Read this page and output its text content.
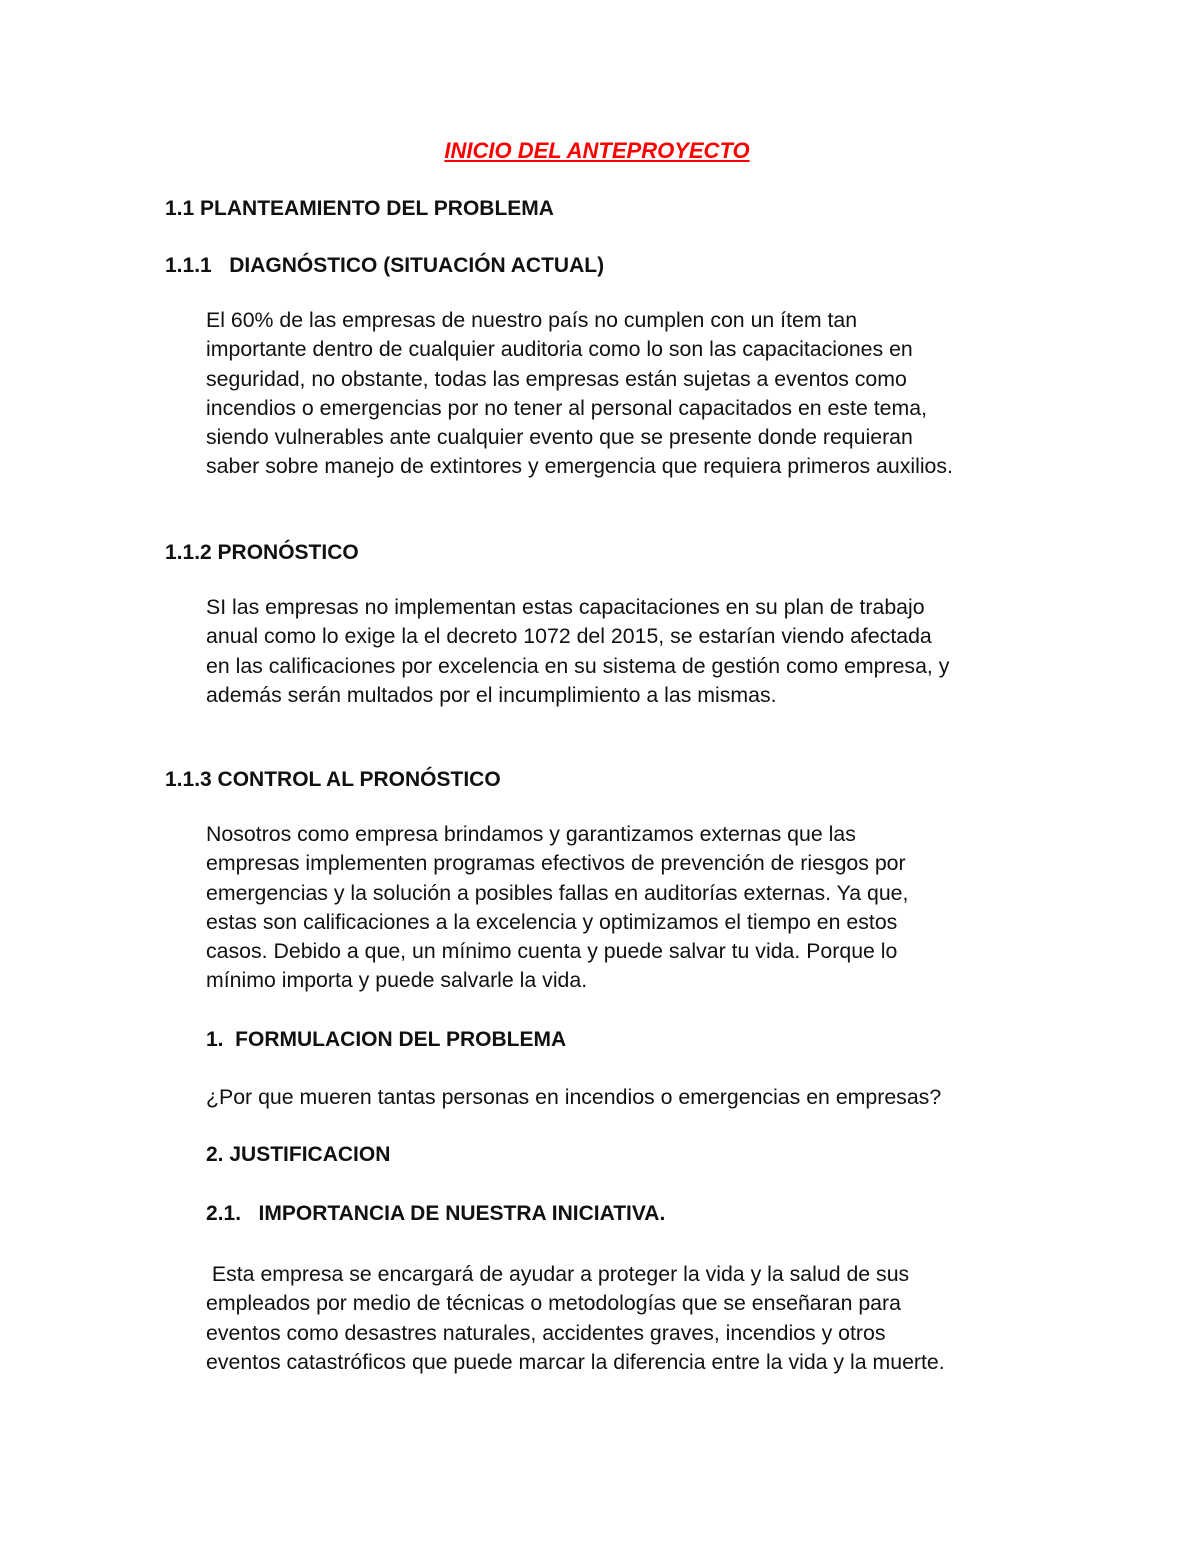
INICIO DEL ANTEPROYECTO
1.1 PLANTEAMIENTO DEL PROBLEMA
1.1.1   DIAGNÓSTICO (SITUACIÓN ACTUAL)

El 60% de las empresas de nuestro país no cumplen con un ítem tan
importante dentro de cualquier auditoria como lo son las capacitaciones en
seguridad, no obstante, todas las empresas están sujetas a eventos como
incendios o emergencias por no tener al personal capacitados en este tema,
siendo vulnerables ante cualquier evento que se presente donde requieran
saber sobre manejo de extintores y emergencia que requiera primeros auxilios.

1.1.2 PRONÓSTICO

SI las empresas no implementan estas capacitaciones en su plan de trabajo
anual como lo exige la el decreto 1072 del 2015, se estarían viendo afectada
en las calificaciones por excelencia en su sistema de gestión como empresa, y
además serán multados por el incumplimiento a las mismas.

1.1.3 CONTROL AL PRONÓSTICO

Nosotros como empresa brindamos y garantizamos externas que las
empresas implementen programas efectivos de prevención de riesgos por
emergencias y la solución a posibles fallas en auditorías externas. Ya que,
estas son calificaciones a la excelencia y optimizamos el tiempo en estos
casos. Debido a que, un mínimo cuenta y puede salvar tu vida. Porque lo
mínimo importa y puede salvarle la vida.

1.  FORMULACION DEL PROBLEMA

¿Por que mueren tantas personas en incendios o emergencias en empresas?

2. JUSTIFICACION
2.1.   IMPORTANCIA DE NUESTRA INICIATIVA.

Esta empresa se encargará de ayudar a proteger la vida y la salud de sus
empleados por medio de técnicas o metodologías que se enseñaran para
eventos como desastres naturales, accidentes graves, incendios y otros
eventos catastróficos que puede marcar la diferencia entre la vida y la muerte.
